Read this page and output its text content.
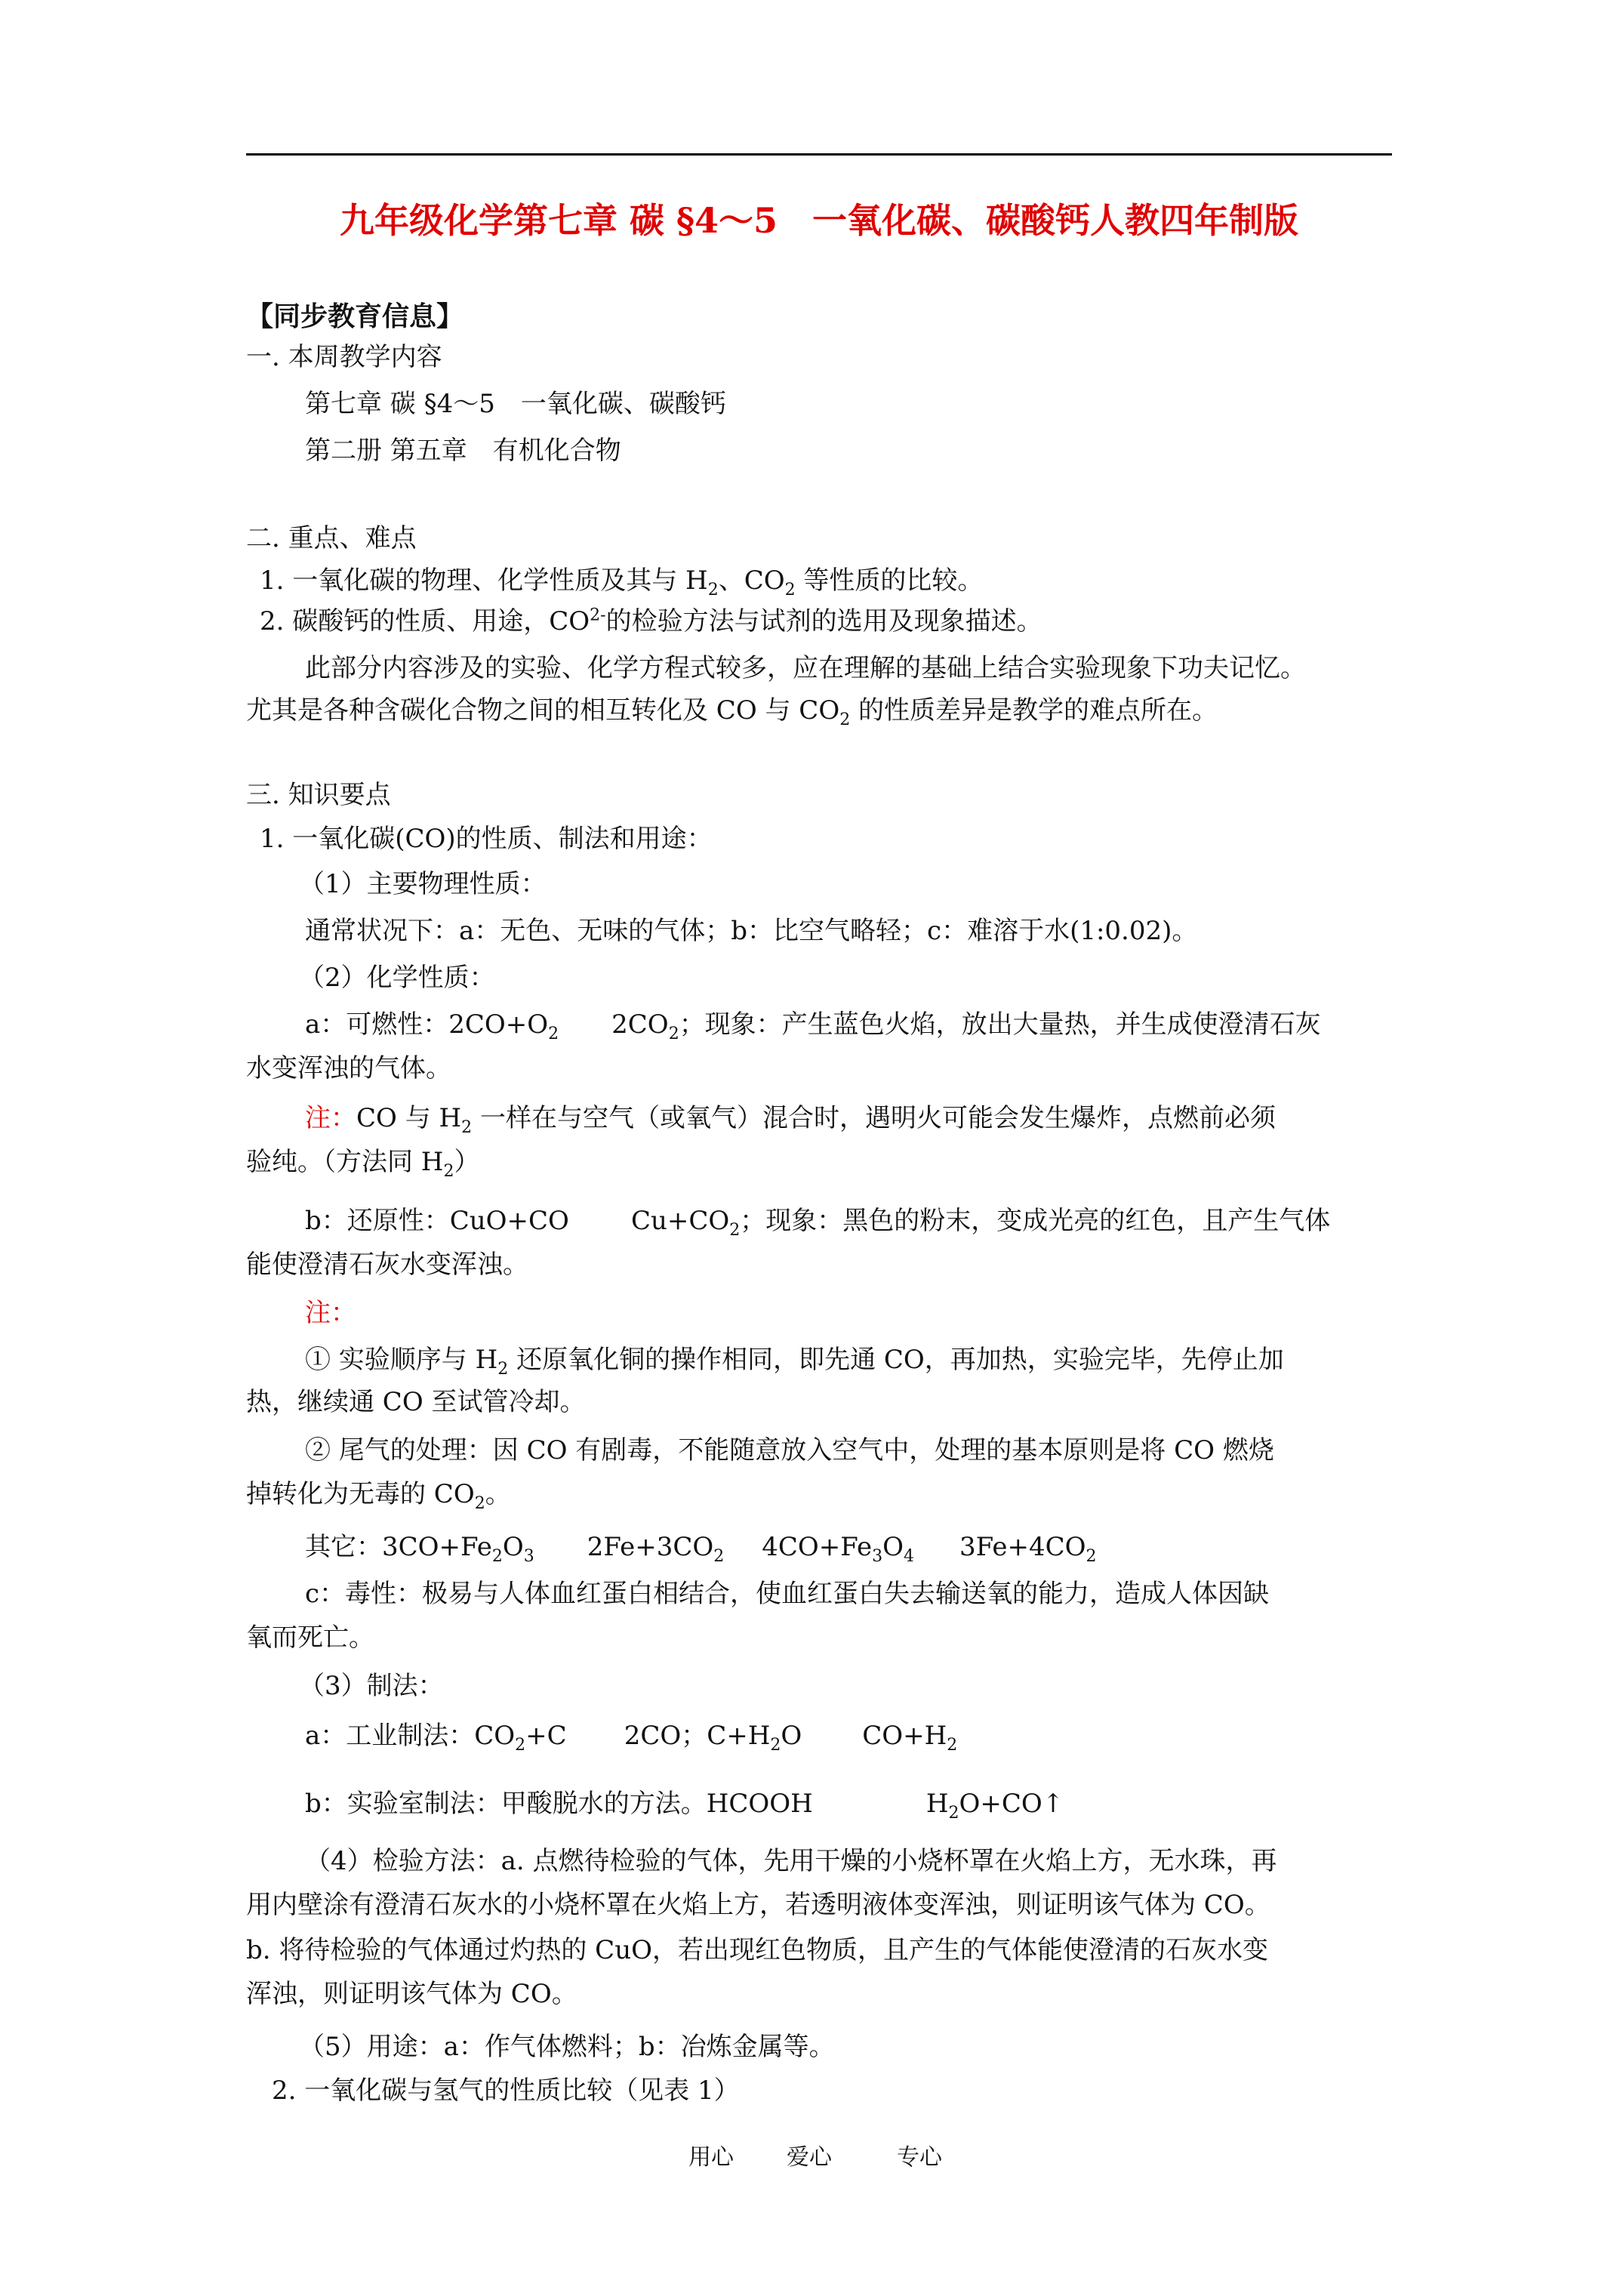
九年级化学第七章 碳 §4～5　一氧化碳、碳酸钙人教四年制版
【同步教育信息】
一. 本周教学内容
第七章 碳 §4～5　一氧化碳、碳酸钙
第二册 第五章　有机化合物
二. 重点、难点
1. 一氧化碳的物理、化学性质及其与 $H_2$、$CO_2$ 等性质的比较。
2. 碳酸钙的性质、用途，$CO^{2-}$的检验方法与试剂的选用及现象描述。
此部分内容涉及的实验、化学方程式较多，应在理解的基础上结合实验现象下功夫记忆。
尤其是各种含碳化合物之间的相互转化及 CO 与 $CO_2$ 的性质差异是教学的难点所在。
三. 知识要点
1. 一氧化碳(CO)的性质、制法和用途：
（1）主要物理性质：
通常状况下：a：无色、无味的气体；b：比空气略轻；c：难溶于水(1:0.02)。
（2）化学性质：
a：可燃性：$2CO+O_2$ $2CO_2$；现象：产生蓝色火焰，放出大量热，并生成使澄清石灰
水变浑浊的气体。
注：CO 与 $H_2$ 一样在与空气（或氧气）混合时，遇明火可能会发生爆炸，点燃前必须
验纯。（方法同 $H_2$）
b：还原性：CuO+CO $Cu+CO_2$；现象：黑色的粉末，变成光亮的红色，且产生气体
能使澄清石灰水变浑浊。
注：
① 实验顺序与 $H_2$ 还原氧化铜的操作相同，即先通 CO，再加热，实验完毕，先停止加
热，继续通 CO 至试管冷却。
② 尾气的处理：因 CO 有剧毒，不能随意放入空气中，处理的基本原则是将 CO 燃烧
掉转化为无毒的 $CO_2$。
其它：$3CO+Fe_2O_3$ $2Fe+3CO_2$ $4CO+Fe_3O_4$ $3Fe+4CO_2$
c：毒性：极易与人体血红蛋白相结合，使血红蛋白失去输送氧的能力，造成人体因缺
氧而死亡。
（3）制法：
a：工业制法：$CO_2+C$ 2CO；$C+H_2O$ $CO+H_2$
b：实验室制法：甲酸脱水的方法。HCOOH	$H_2O+CO↑$
（4）检验方法：a. 点燃待检验的气体，先用干燥的小烧杯罩在火焰上方，无水珠，再
用内壁涂有澄清石灰水的小烧杯罩在火焰上方，若透明液体变浑浊，则证明该气体为 CO。
b. 将待检验的气体通过灼热的 CuO，若出现红色物质，且产生的气体能使澄清的石灰水变
浑浊，则证明该气体为 CO。
（5）用途：a：作气体燃料；b：冶炼金属等。
2. 一氧化碳与氢气的性质比较（见表 1）
用心 爱心	专心
